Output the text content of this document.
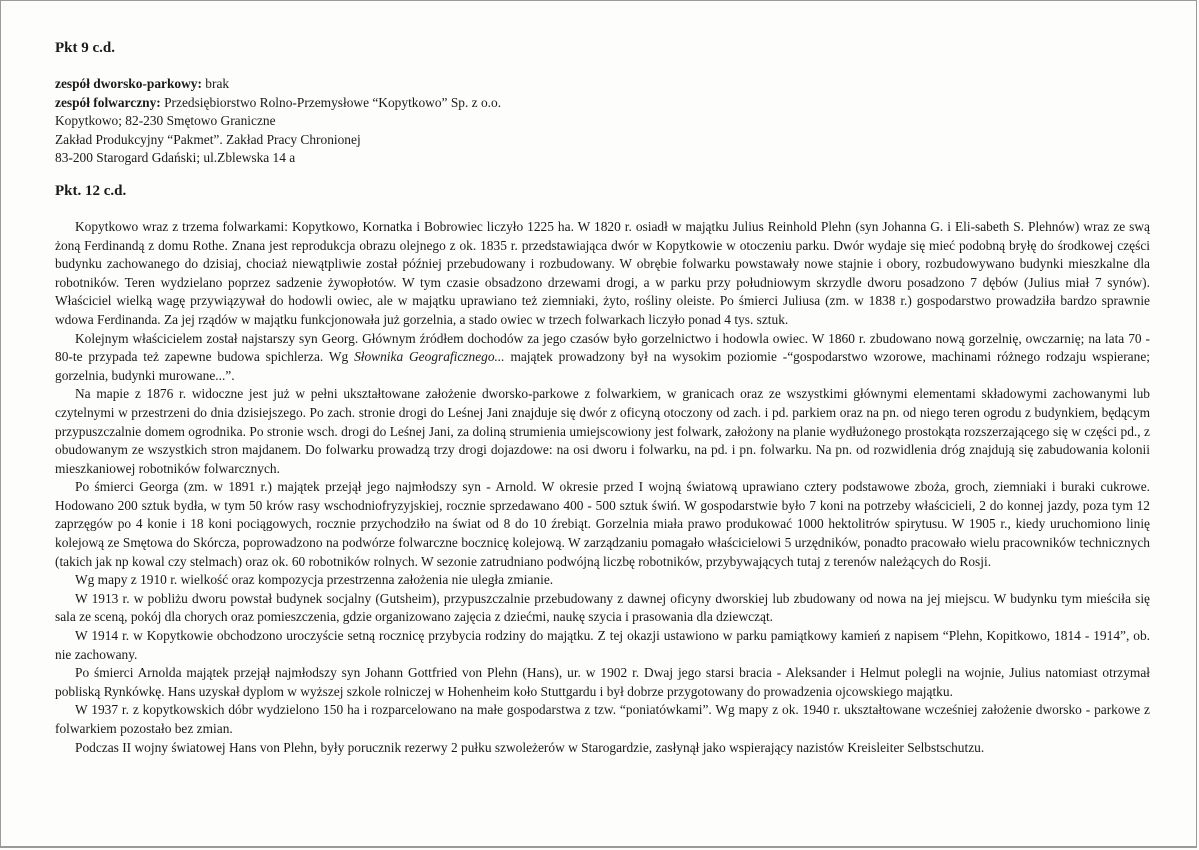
Pkt 9 c.d.
zespół dworsko-parkowy: brak
zespół folwarczny: Przedsiębiorstwo Rolno-Przemysłowe “Kopytkowo” Sp. z o.o.
Kopytkowo; 82-230 Smętowo Graniczne
Zakład Produkcyjny “Pakmet”. Zakład Pracy Chronionej
83-200 Starogard Gdański; ul.Zblewska 14 a
Pkt. 12 c.d.

Kopytkowo wraz z trzema folwarkami: Kopytkowo, Kornatka i Bobrowiec liczyło 1225 ha. W 1820 r. osiadł w majątku Julius Reinhold Plehn (syn Johanna G. i Eli-sabeth S. Plehnów) wraz ze swą żoną Ferdinandą z domu Rothe. Znana jest reprodukcja obrazu olejnego z ok. 1835 r. przedstawiająca dwór w Kopytkowie w otoczeniu parku. Dwór wydaje się mieć podobną bryłę do środkowej części budynku zachowanego do dzisiaj, chociaż niewątpliwie został później przebudowany i rozbudowany. W obrębie folwarku powstawały nowe stajnie i obory, rozbudowywano budynki mieszkalne dla robotników. Teren wydzielano poprzez sadzenie żywopłotów. W tym czasie obsadzono drzewami drogi, a w parku przy południowym skrzydle dworu posadzono 7 dębów (Julius miał 7 synów). Właściciel wielką wagę przywiązywał do hodowli owiec, ale w majątku uprawiano też ziemniaki, żyto, rośliny oleiste. Po śmierci Juliusa (zm. w 1838 r.) gospodarstwo prowadziła bardzo sprawnie wdowa Ferdinanda. Za jej rządów w majątku funkcjonowała już gorzelnia, a stado owiec w trzech folwarkach liczyło ponad 4 tys. sztuk.

Kolejnym właścicielem został najstarszy syn Georg. Głównym źródłem dochodów za jego czasów było gorzelnictwo i hodowla owiec. W 1860 r. zbudowano nową gorzelnię, owczarnię; na lata 70 - 80-te przypada też zapewne budowa spichlerza. Wg Słownika Geograficznego... majątek prowadzony był na wysokim poziomie -“gospodarstwo wzorowe, machinami różnego rodzaju wspierane; gorzelnia, budynki murowane...”.

Na mapie z 1876 r. widoczne jest już w pełni ukształtowane założenie dworsko-parkowe z folwarkiem, w granicach oraz ze wszystkimi głównymi elementami składowymi zachowanymi lub czytelnymi w przestrzeni do dnia dzisiejszego. Po zach. stronie drogi do Leśnej Jani znajduje się dwór z oficyną otoczony od zach. i pd. parkiem oraz na pn. od niego teren ogrodu z budynkiem, będącym przypuszczalnie domem ogrodnika. Po stronie wsch. drogi do Leśnej Jani, za doliną strumienia umiejscowiony jest folwark, założony na planie wydłużonego prostokąta rozszerzającego się w części pd., z obudowanym ze wszystkich stron majdanem. Do folwarku prowadzą trzy drogi dojazdowe: na osi dworu i folwarku, na pd. i pn. folwarku. Na pn. od rozwidlenia dróg znajdują się zabudowania kolonii mieszkaniowej robotników folwarcznych.

Po śmierci Georga (zm. w 1891 r.) majątek przejął jego najmłodszy syn - Arnold. W okresie przed I wojną światową uprawiano cztery podstawowe zboża, groch, ziemniaki i buraki cukrowe. Hodowano 200 sztuk bydła, w tym 50 krów rasy wschodniofryzyjskiej, rocznie sprzedawano 400 - 500 sztuk świń. W gospodarstwie było 7 koni na potrzeby właścicieli, 2 do konnej jazdy, poza tym 12 zaprzęgów po 4 konie i 18 koni pociągowych, rocznie przychodziło na świat od 8 do 10 źrebiąt. Gorzelnia miała prawo produkować 1000 hektolitrów spirytusu. W 1905 r., kiedy uruchomiono linię kolejową ze Smętowa do Skórcza, poprowadzono na podwórze folwarczne bocznicę kolejową. W zarządzaniu pomagało właścicielowi 5 urzędników, ponadto pracowało wielu pracowników technicznych (takich jak np kowal czy stelmach) oraz ok. 60 robotników rolnych. W sezonie zatrudniano podwójną liczbę robotników, przybywających tutaj z terenów należących do Rosji.

Wg mapy z 1910 r. wielkość oraz kompozycja przestrzenna założenia nie uległa zmianie.

W 1913 r. w pobliżu dworu powstał budynek socjalny (Gutsheim), przypuszczalnie przebudowany z dawnej oficyny dworskiej lub zbudowany od nowa na jej miejscu. W budynku tym mieściła się sala ze sceną, pokój dla chorych oraz pomieszczenia, gdzie organizowano zajęcia z dziećmi, naukę szycia i prasowania dla dziewcząt.

W 1914 r. w Kopytkowie obchodzono uroczyście setną rocznicę przybycia rodziny do majątku. Z tej okazji ustawiono w parku pamiątkowy kamień z napisem “Plehn, Kopitkowo, 1814 - 1914”, ob. nie zachowany.

Po śmierci Arnolda majątek przejął najmłodszy syn Johann Gottfried von Plehn (Hans), ur. w 1902 r. Dwaj jego starsi bracia - Aleksander i Helmut polegli na wojnie, Julius natomiast otrzymał pobliską Rynkówkę. Hans uzyskał dyplom w wyższej szkole rolniczej w Hohenheim koło Stuttgardu i był dobrze przygotowany do prowadzenia ojcowskiego majątku.

W 1937 r. z kopytkowskich dóbr wydzielono 150 ha i rozparcelowano na małe gospodarstwa z tzw. “poniatówkami”. Wg mapy z ok. 1940 r. ukształtowane wcześniej założenie dworsko - parkowe z folwarkiem pozostało bez zmian.

Podczas II wojny światowej Hans von Plehn, były porucznik rezerwy 2 pułku szwoleżerów w Starogardzie, zasłynął jako wspierający nazistów Kreisleiter Selbstschutzu.
